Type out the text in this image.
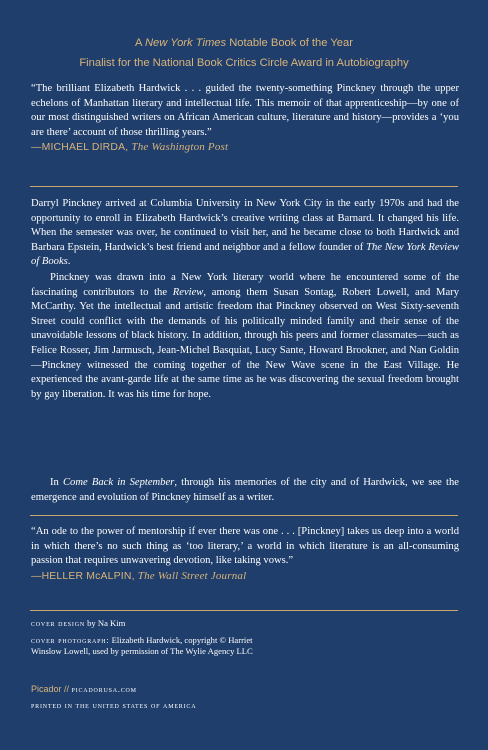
A New York Times Notable Book of the Year
Finalist for the National Book Critics Circle Award in Autobiography
“The brilliant Elizabeth Hardwick . . . guided the twenty-something Pinckney through the upper echelons of Manhattan literary and intellectual life. This memoir of that apprenticeship—by one of our most distinguished writers on African American culture, literature and history—provides a ‘you are there’ account of those thrilling years.”
—MICHAEL DIRDA, The Washington Post
Darryl Pinckney arrived at Columbia University in New York City in the early 1970s and had the opportunity to enroll in Elizabeth Hardwick’s creative writing class at Barnard. It changed his life. When the semester was over, he continued to visit her, and he became close to both Hardwick and Barbara Epstein, Hardwick’s best friend and neighbor and a fellow founder of The New York Review of Books.
Pinckney was drawn into a New York literary world where he encountered some of the fascinating contributors to the Review, among them Susan Sontag, Robert Lowell, and Mary McCarthy. Yet the intellectual and artistic freedom that Pinckney observed on West Sixty-seventh Street could conflict with the demands of his politically minded family and their sense of the unavoidable lessons of black history. In addition, through his peers and former classmates—such as Felice Rosser, Jim Jarmusch, Jean-Michel Basquiat, Lucy Sante, Howard Brookner, and Nan Goldin—Pinckney witnessed the coming together of the New Wave scene in the East Village. He experienced the avant-garde life at the same time as he was discovering the sexual freedom brought by gay liberation. It was his time for hope.
In Come Back in September, through his memories of the city and of Hardwick, we see the emergence and evolution of Pinckney himself as a writer.
“An ode to the power of mentorship if ever there was one . . . [Pinckney] takes us deep into a world in which there’s no such thing as ‘too literary,’ a world in which literature is an all-consuming passion that requires unwavering devotion, like taking vows.”
—HELLER McALPIN, The Wall Street Journal
cover design by Na Kim
cover photograph: Elizabeth Hardwick, copyright © Harriet Winslow Lowell, used by permission of The Wylie Agency LLC
Picador // picadorusa.com
printed in the united states of america
